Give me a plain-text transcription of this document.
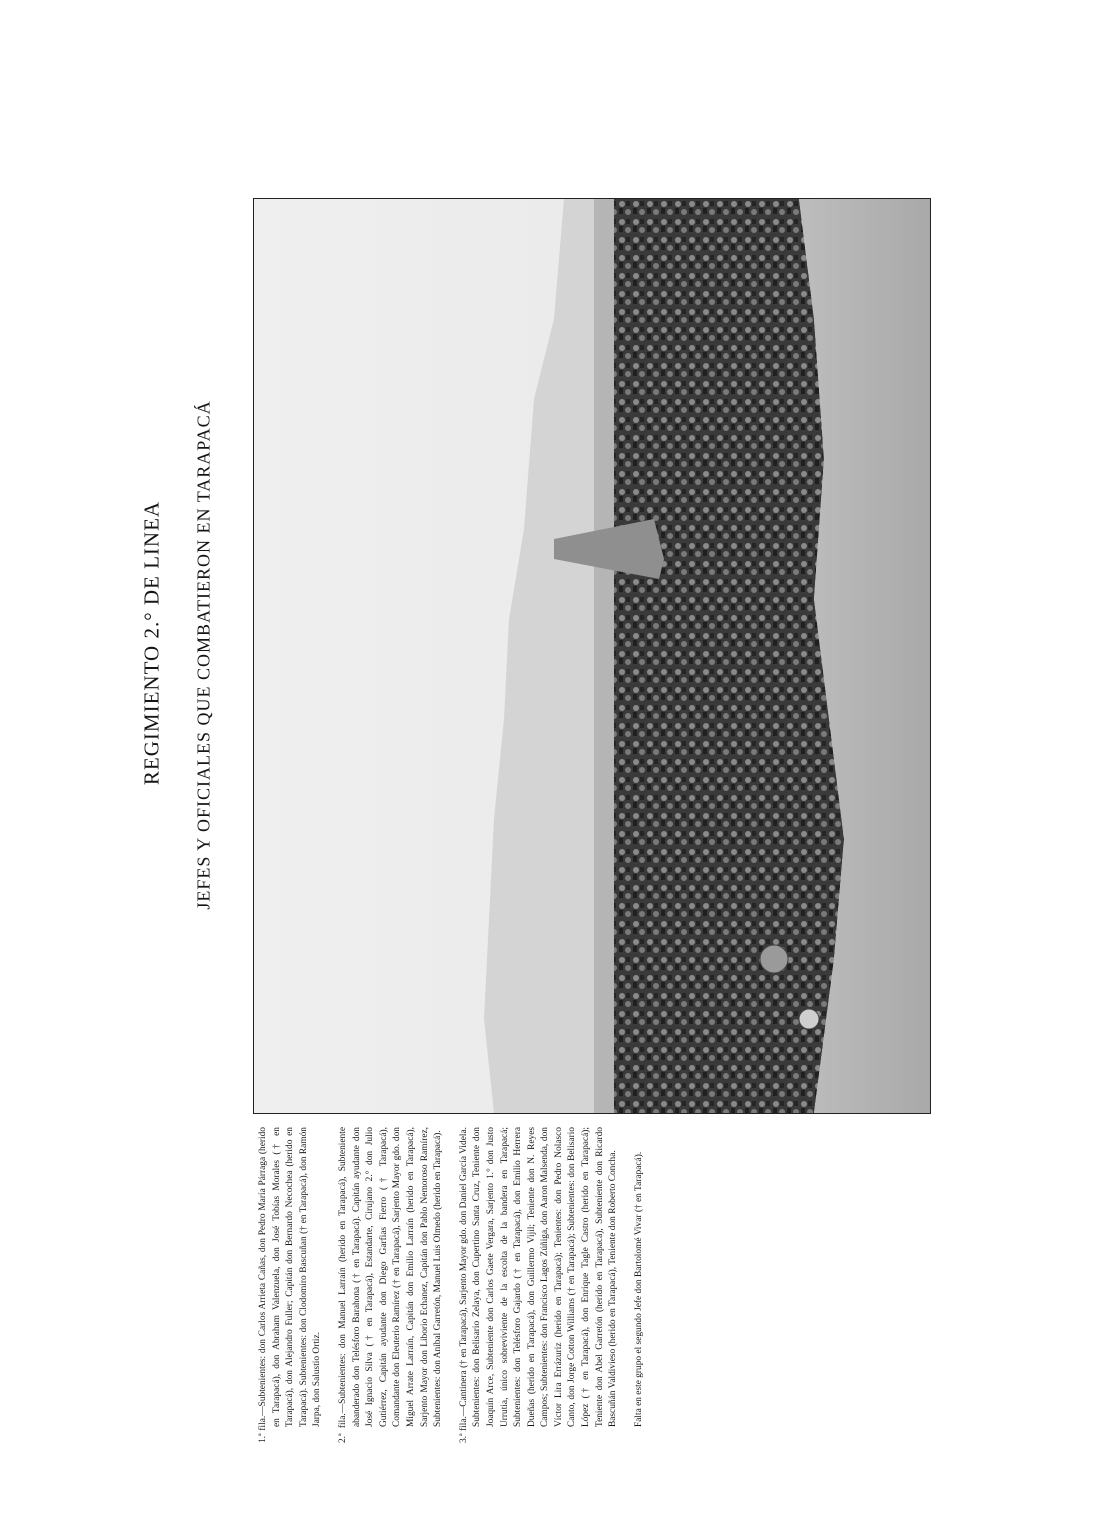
REGIMIENTO 2.° DE LINEA JEFES Y OFICIALES QUE COMBATIERON EN TARAPACÁ

1.ª fila.—Subtenientes: don Carlos Arrieta Cañas, don Pedro María Párraga (herido en Tarapacá), don Abraham Valenzuela, don José Tobías Morales († en Tarapacá), don Alejandro Fuller; Capitán don Bernardo Necochea (herido en Tarapacá). Subtenientes: don Clodomiro Bascuñan († en Tarapacá), don Ramón Jarpa, don Salustio Ortiz. 2.ª fila.—Subtenientes: don Manuel Larraín (herido en Tarapacá), Subteniente abanderado don Telésforo Barahona († en Tarapacá). Capitán ayudante don José Ignacio Silva († en Tarapacá), Estandarte, Cirujano 2.° don Julio Gutiérrez, Capitán ayudante don Diego Garfias Fierro († Tarapacá), Comandante don Eleuterio Ramírez († en Tarapacá), Sarjento Mayor gdo. don Miguel Arrate Larraín, Capitán don Emilio Larraín (herido en Tarapacá), Sarjento Mayor don Liborio Echanez, Capitán don Pablo Nemoroso Ramírez, Subtenientes: don Aníbal Garretón, Manuel Luis Olmedo (herido en Tarapacá). 3.ª fila.—Cantinera († en Tarapacá), Sarjento Mayor gdo. don Daniel García Videla. Subtenientes: don Belisario Zelaya, don Cupertino Santa Cruz, Teniente don Joaquín Arce, Subteniente don Carlos Gaete Vergara, Sarjento 1.° don Justo Urrutia, único sobreviviente de la escolta de la bandera en Tarapacá; Subtenientes: don Telésforo Gajardo († en Tarapacá), don Emilio Herrera Dueñas (herido en Tarapacá), don Guillermo Vijil; Teniente don N. Reyes Campos; Subtenientes: don Francisco Lagos Zúñiga, don Aaron Malsenda, don Víctor Lira Errázuriz (herido en Tarapacá); Tenientes: don Pedro Nolasco Canto, don Jorge Cotton Williams († en Tarapacá); Subtenientes: don Belisario López († en Tarapacá), don Enrique Tagle Castro (herido en Tarapacá); Teniente don Abel Garretón (herido en Tarapacá), Subteniente don Ricardo Bascuñán Valdivieso (herido en Tarapacá), Teniente don Roberto Concha. Falta en este grupo el segundo Jefe don Bartolomé Vivar († en Tarapacá).
